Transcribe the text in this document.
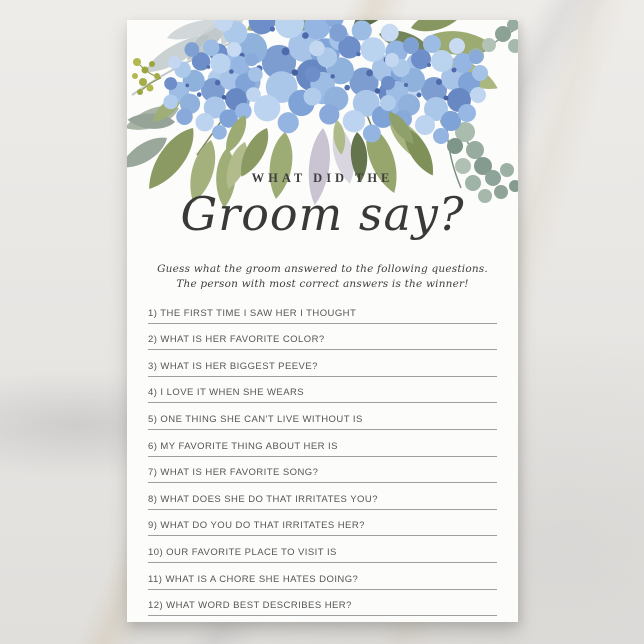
WHAT DID THE
Groom say?
Guess what the groom answered to the following questions.
The person with most correct answers is the winner!
1) THE FIRST TIME I SAW HER I THOUGHT
2) WHAT IS HER FAVORITE COLOR?
3) WHAT IS HER BIGGEST PEEVE?
4) I LOVE IT WHEN SHE WEARS
5) ONE THING SHE CAN'T LIVE WITHOUT IS
6) MY FAVORITE THING ABOUT HER IS
7) WHAT IS HER FAVORITE SONG?
8) WHAT DOES SHE DO THAT IRRITATES YOU?
9) WHAT DO YOU DO THAT IRRITATES HER?
10) OUR FAVORITE PLACE TO VISIT IS
11) WHAT IS A CHORE SHE HATES DOING?
12) WHAT WORD BEST DESCRIBES HER?
